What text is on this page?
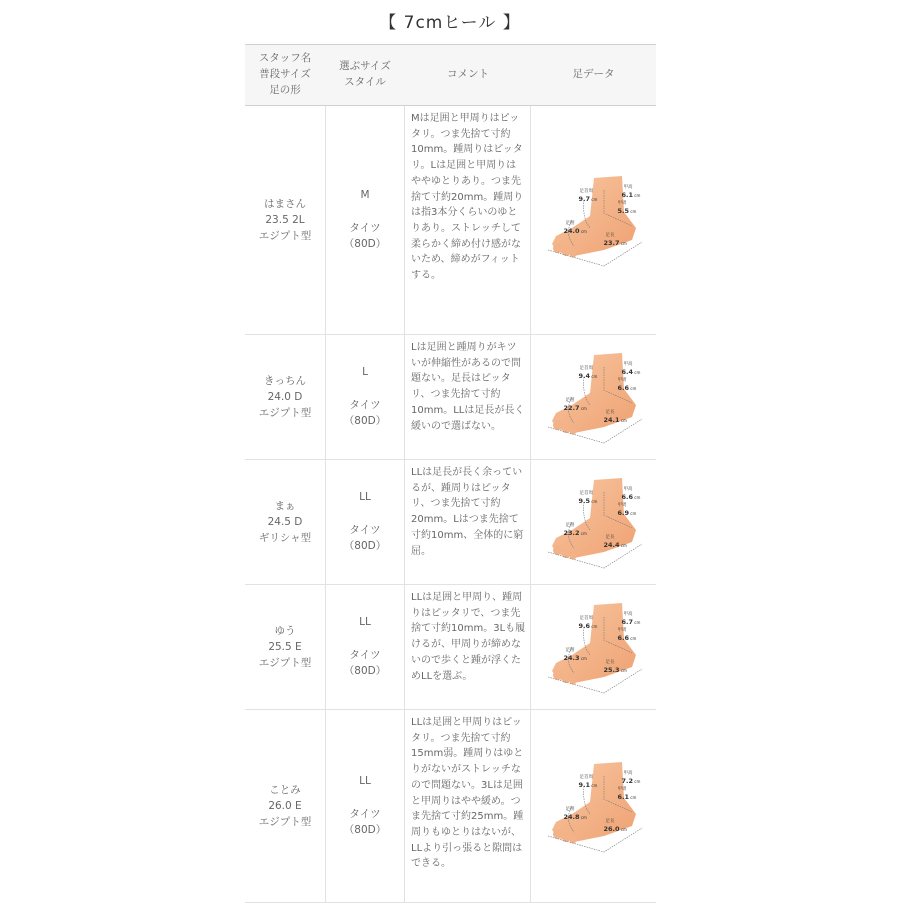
【 7cmヒール 】
スタッフ名
普段サイズ
足の形
選ぶサイズ
スタイル
コメント	足データ
はまさん
23.5 2L
エジプト型
M

タイツ
（80D）
Mは足囲と甲周りはピッタリ。つま先捨て寸約10mm。踵周りはピッタリ。Lは足囲と甲周りはややゆとりあり。つま先捨て寸約20mm。踵周りは指3本分くらいのゆとりあり。ストレッチして柔らかく締め付け感がないため、締めがフィットする。
足首周
9.7 cm
甲高
6.1 cm
甲周
5.5 cm
足囲
24.0 cm
足長
23.7 cm
きっちん
24.0 D
エジプト型
L

タイツ
（80D）
Lは足囲と踵周りがキツいが伸縮性があるので問題ない。足長はピッタリ、つま先捨て寸約10mm。LLは足長が長く緩いので選ばない。
足首周
9.4 cm
甲高
6.4 cm
甲周
6.6 cm
足囲
22.7 cm
足長
24.1 cm
まぁ
24.5 D
ギリシャ型
LL

タイツ
（80D）
LLは足長が長く余っているが、踵周りはピッタリ、つま先捨て寸約20mm。Lはつま先捨て寸約10mm、全体的に窮屈。
足首周
9.5 cm
甲高
6.6 cm
甲周
6.9 cm
足囲
23.2 cm
足長
24.4 cm
ゆう
25.5 E
エジプト型
LL

タイツ
（80D）
LLは足囲と甲周り、踵周りはピッタリで、つま先捨て寸約10mm。3Lも履けるが、甲周りが締めないので歩くと踵が浮くためLLを選ぶ。
足首周
9.6 cm
甲高
6.7 cm
甲周
6.6 cm
足囲
24.3 cm
足長
25.3 cm
ことみ
26.0 E
エジプト型
LL

タイツ
（80D）
LLは足囲と甲周りはピッタリ。つま先捨て寸約15mm弱。踵周りはゆとりがないがストレッチなので問題ない。3Lは足囲と甲周りはやや緩め。つま先捨て寸約25mm。踵周りもゆとりはないが、LLより引っ張ると隙間はできる。
足首周
9.1 cm
甲高
7.2 cm
甲周
6.1 cm
足囲
24.8 cm
足長
26.0 cm
